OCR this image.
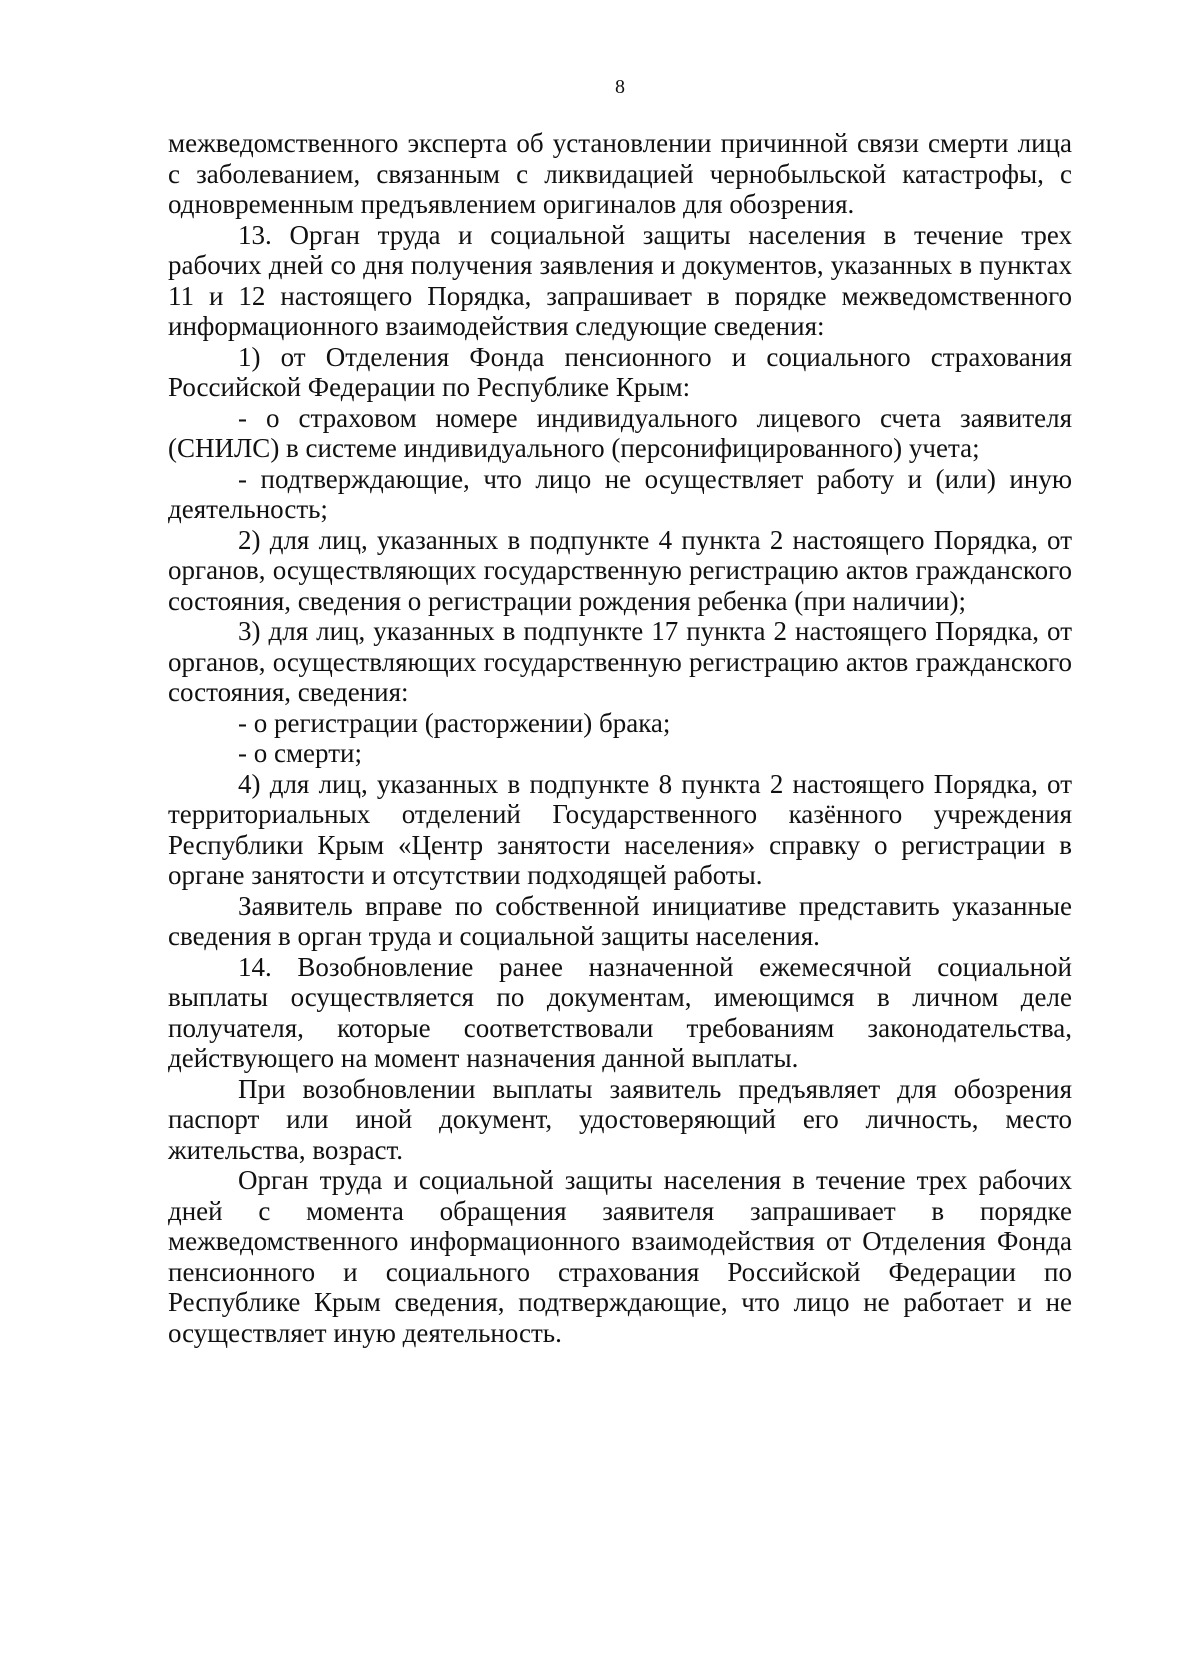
8

межведомственного эксперта об установлении причинной связи смерти лица с заболеванием, связанным с ликвидацией чернобыльской катастрофы, с одновременным предъявлением оригиналов для обозрения.

13. Орган труда и социальной защиты населения в течение трех рабочих дней со дня получения заявления и документов, указанных в пунктах 11 и 12 настоящего Порядка, запрашивает в порядке межведомственного информационного взаимодействия следующие сведения:

1) от Отделения Фонда пенсионного и социального страхования Российской Федерации по Республике Крым:

- о страховом номере индивидуального лицевого счета заявителя (СНИЛС) в системе индивидуального (персонифицированного) учета;

- подтверждающие, что лицо не осуществляет работу и (или) иную деятельность;

2) для лиц, указанных в подпункте 4 пункта 2 настоящего Порядка, от органов, осуществляющих государственную регистрацию актов гражданского состояния, сведения о регистрации рождения ребенка (при наличии);

3) для лиц, указанных в подпункте 17 пункта 2 настоящего Порядка, от органов, осуществляющих государственную регистрацию актов гражданского состояния, сведения:

- о регистрации (расторжении) брака;

- о смерти;

4) для лиц, указанных в подпункте 8 пункта 2 настоящего Порядка, от территориальных отделений Государственного казённого учреждения Республики Крым «Центр занятости населения» справку о регистрации в органе занятости и отсутствии подходящей работы.

Заявитель вправе по собственной инициативе представить указанные сведения в орган труда и социальной защиты населения.

14. Возобновление ранее назначенной ежемесячной социальной выплаты осуществляется по документам, имеющимся в личном деле получателя, которые соответствовали требованиям законодательства, действующего на момент назначения данной выплаты.

При возобновлении выплаты заявитель предъявляет для обозрения паспорт или иной документ, удостоверяющий его личность, место жительства, возраст.

Орган труда и социальной защиты населения в течение трех рабочих дней с момента обращения заявителя запрашивает в порядке межведомственного информационного взаимодействия от Отделения Фонда пенсионного и социального страхования Российской Федерации по Республике Крым сведения, подтверждающие, что лицо не работает и не осуществляет иную деятельность.
